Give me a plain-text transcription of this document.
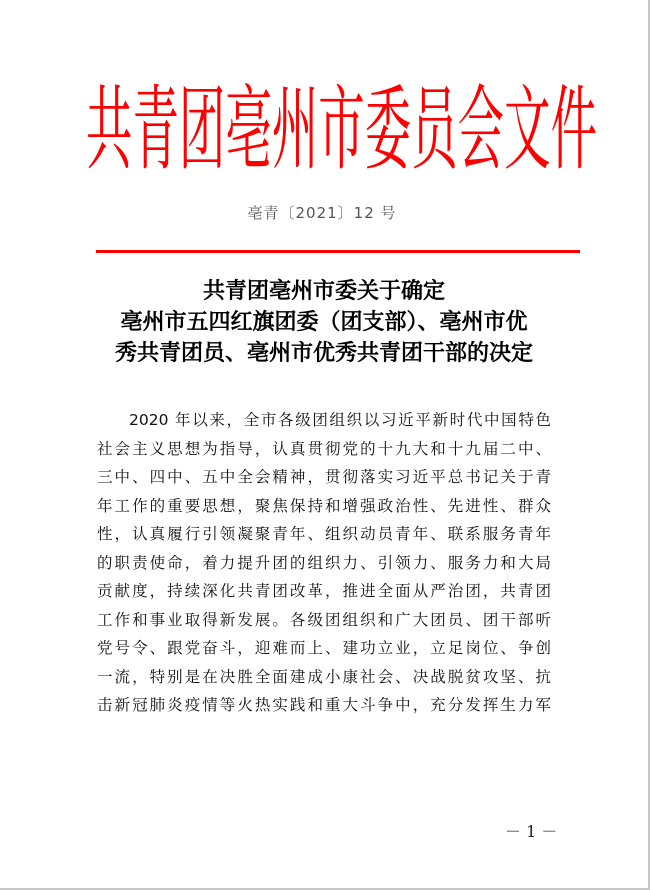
共青团亳州市委员会文件
亳青〔2021〕12 号
共青团亳州市委关于确定
亳州市五四红旗团委（团支部）、亳州市优
秀共青团员、亳州市优秀共青团干部的决定
2020 年以来，全市各级团组织以习近平新时代中国特色
社会主义思想为指导，认真贯彻党的十九大和十九届二中、
三中、四中、五中全会精神，贯彻落实习近平总书记关于青
年工作的重要思想，聚焦保持和增强政治性、先进性、群众
性，认真履行引领凝聚青年、组织动员青年、联系服务青年
的职责使命，着力提升团的组织力、引领力、服务力和大局
贡献度，持续深化共青团改革，推进全面从严治团，共青团
工作和事业取得新发展。各级团组织和广大团员、团干部听
党号令、跟党奋斗，迎难而上、建功立业，立足岗位、争创
一流，特别是在决胜全面建成小康社会、决战脱贫攻坚、抗
击新冠肺炎疫情等火热实践和重大斗争中，充分发挥生力军
－ 1 －
